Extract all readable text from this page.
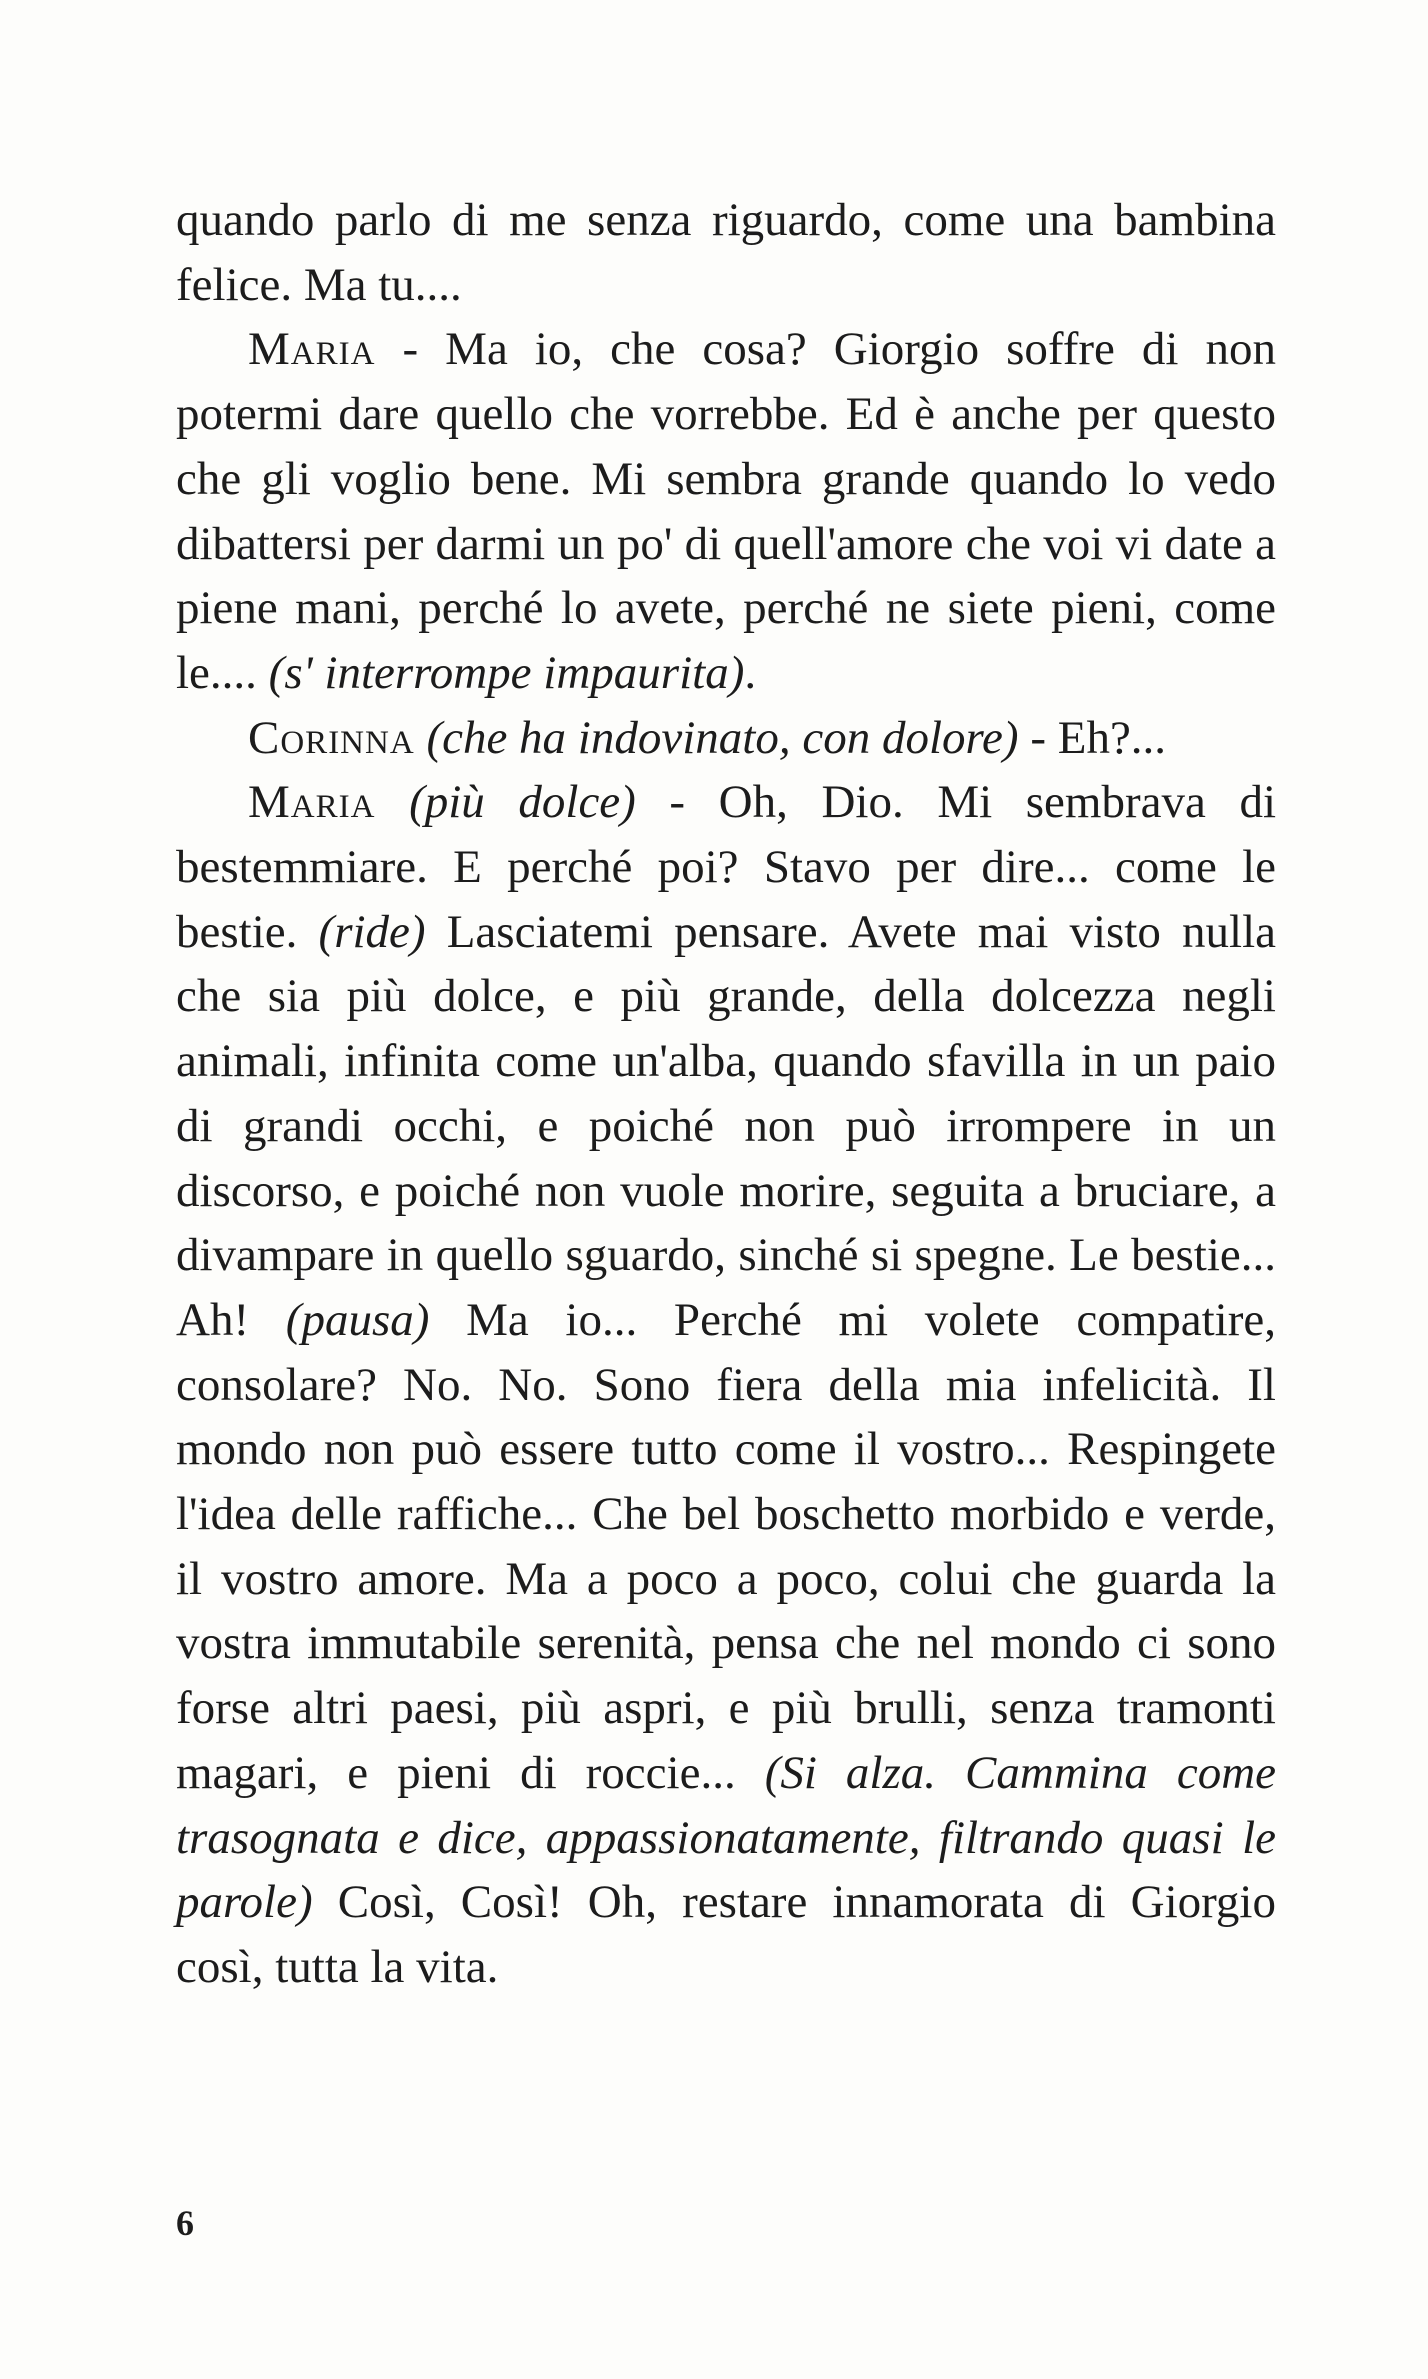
quando parlo di me senza riguardo, come una bambina felice. Ma tu....

Maria - Ma io, che cosa? Giorgio soffre di non potermi dare quello che vorrebbe. Ed è anche per questo che gli voglio bene. Mi sembra grande quando lo vedo dibattersi per darmi un po' di quell'amore che voi vi date a piene mani, perché lo avete, perché ne siete pieni, come le.... (s' interrompe impaurita).

Corinna (che ha indovinato, con dolore) - Eh?...

Maria (più dolce) - Oh, Dio. Mi sembrava di bestemmiare. E perché poi? Stavo per dire... come le bestie. (ride) Lasciatemi pensare. Avete mai visto nulla che sia più dolce, e più grande, della dolcezza negli animali, infinita come un'alba, quando sfavilla in un paio di grandi occhi, e poiché non può irrompere in un discorso, e poiché non vuole morire, seguita a bruciare, a divampare in quello sguardo, sinché si spegne. Le bestie... Ah! (pausa) Ma io... Perché mi volete compatire, consolare? No. No. Sono fiera della mia infelicità. Il mondo non può essere tutto come il vostro... Respingete l'idea delle raffiche... Che bel boschetto morbido e verde, il vostro amore. Ma a poco a poco, colui che guarda la vostra immutabile serenità, pensa che nel mondo ci sono forse altri paesi, più aspri, e più brulli, senza tramonti magari, e pieni di roccie... (Si alza. Cammina come trasognata e dice, appassionatamente, filtrando quasi le parole) Così, Così! Oh, restare innamorata di Giorgio così, tutta la vita.

6
